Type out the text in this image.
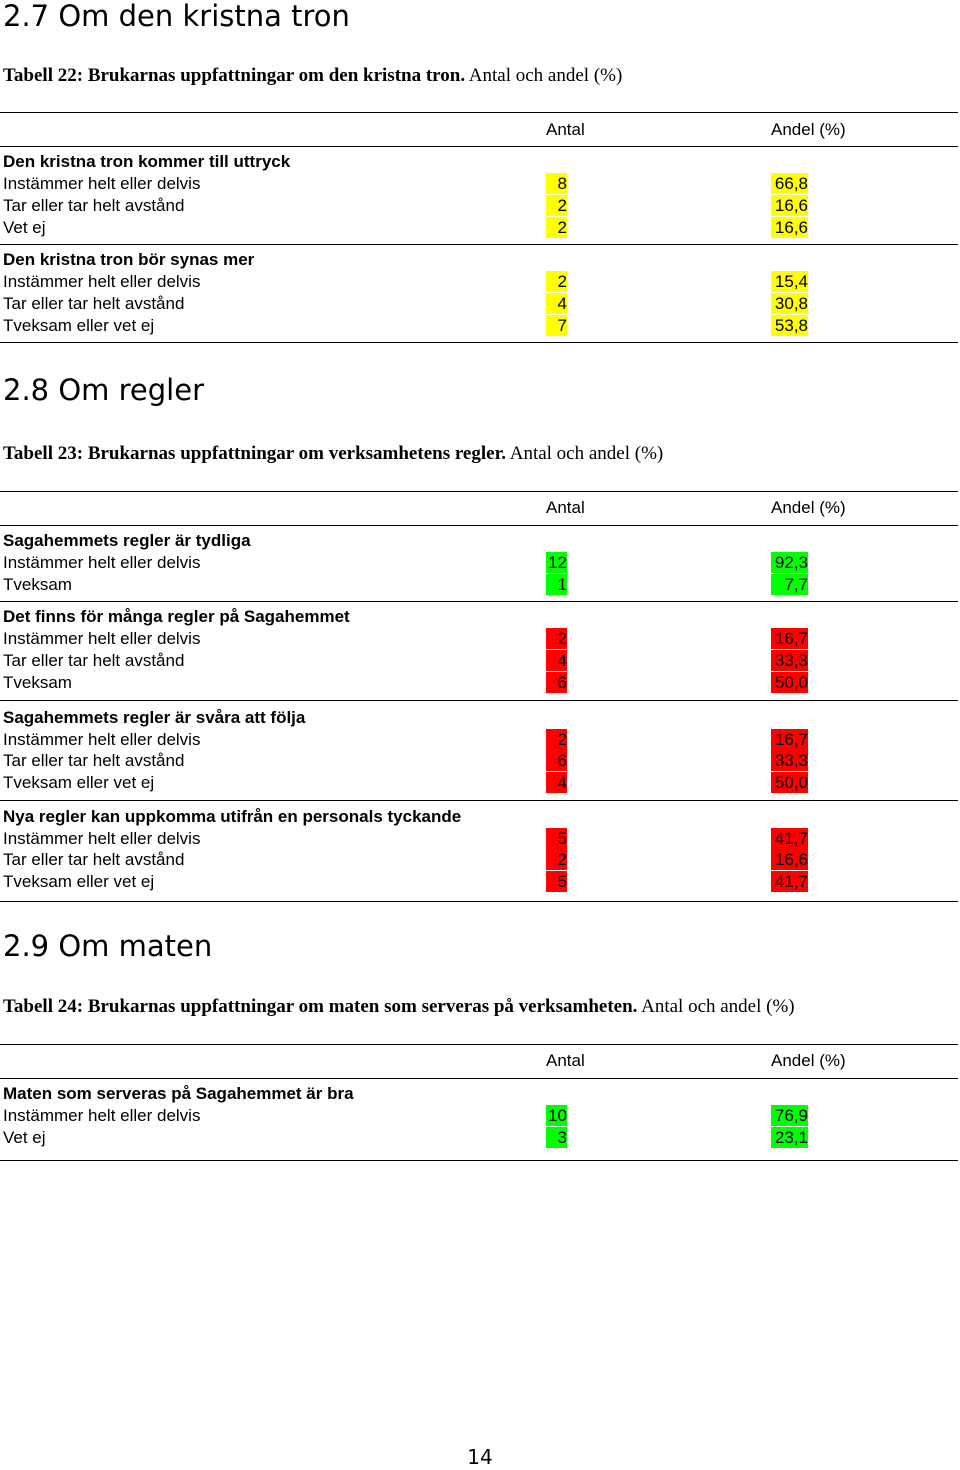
2.7 Om den kristna tron
Tabell 22: Brukarnas uppfattningar om den kristna tron. Antal och andel (%)
Antal	Andel (%)
Den kristna tron kommer till uttryck
Instämmer helt eller delvis	8	66,8
Tar eller tar helt avstånd	2	16,6
Vet ej	2	16,6
Den kristna tron bör synas mer
Instämmer helt eller delvis	2	15,4
Tar eller tar helt avstånd	4	30,8
Tveksam eller vet ej	7	53,8
2.8 Om regler
Tabell 23: Brukarnas uppfattningar om verksamhetens regler. Antal och andel (%)
Antal	Andel (%)
Sagahemmets regler är tydliga
Instämmer helt eller delvis	12	92,3
Tveksam	1	7,7
Det finns för många regler på Sagahemmet
Instämmer helt eller delvis	2	16,7
Tar eller tar helt avstånd	4	33,3
Tveksam	6	50,0
Sagahemmets regler är svåra att följa
Instämmer helt eller delvis	2	16,7
Tar eller tar helt avstånd	6	33,3
Tveksam eller vet ej	4	50,0
Nya regler kan uppkomma utifrån en personals tyckande
Instämmer helt eller delvis	5	41,7
Tar eller tar helt avstånd	2	16,6
Tveksam eller vet ej	5	41,7
2.9 Om maten
Tabell 24: Brukarnas uppfattningar om maten som serveras på verksamheten. Antal och andel (%)
Antal	Andel (%)
Maten som serveras på Sagahemmet är bra
Instämmer helt eller delvis	10	76,9
Vet ej	3	23,1
14
